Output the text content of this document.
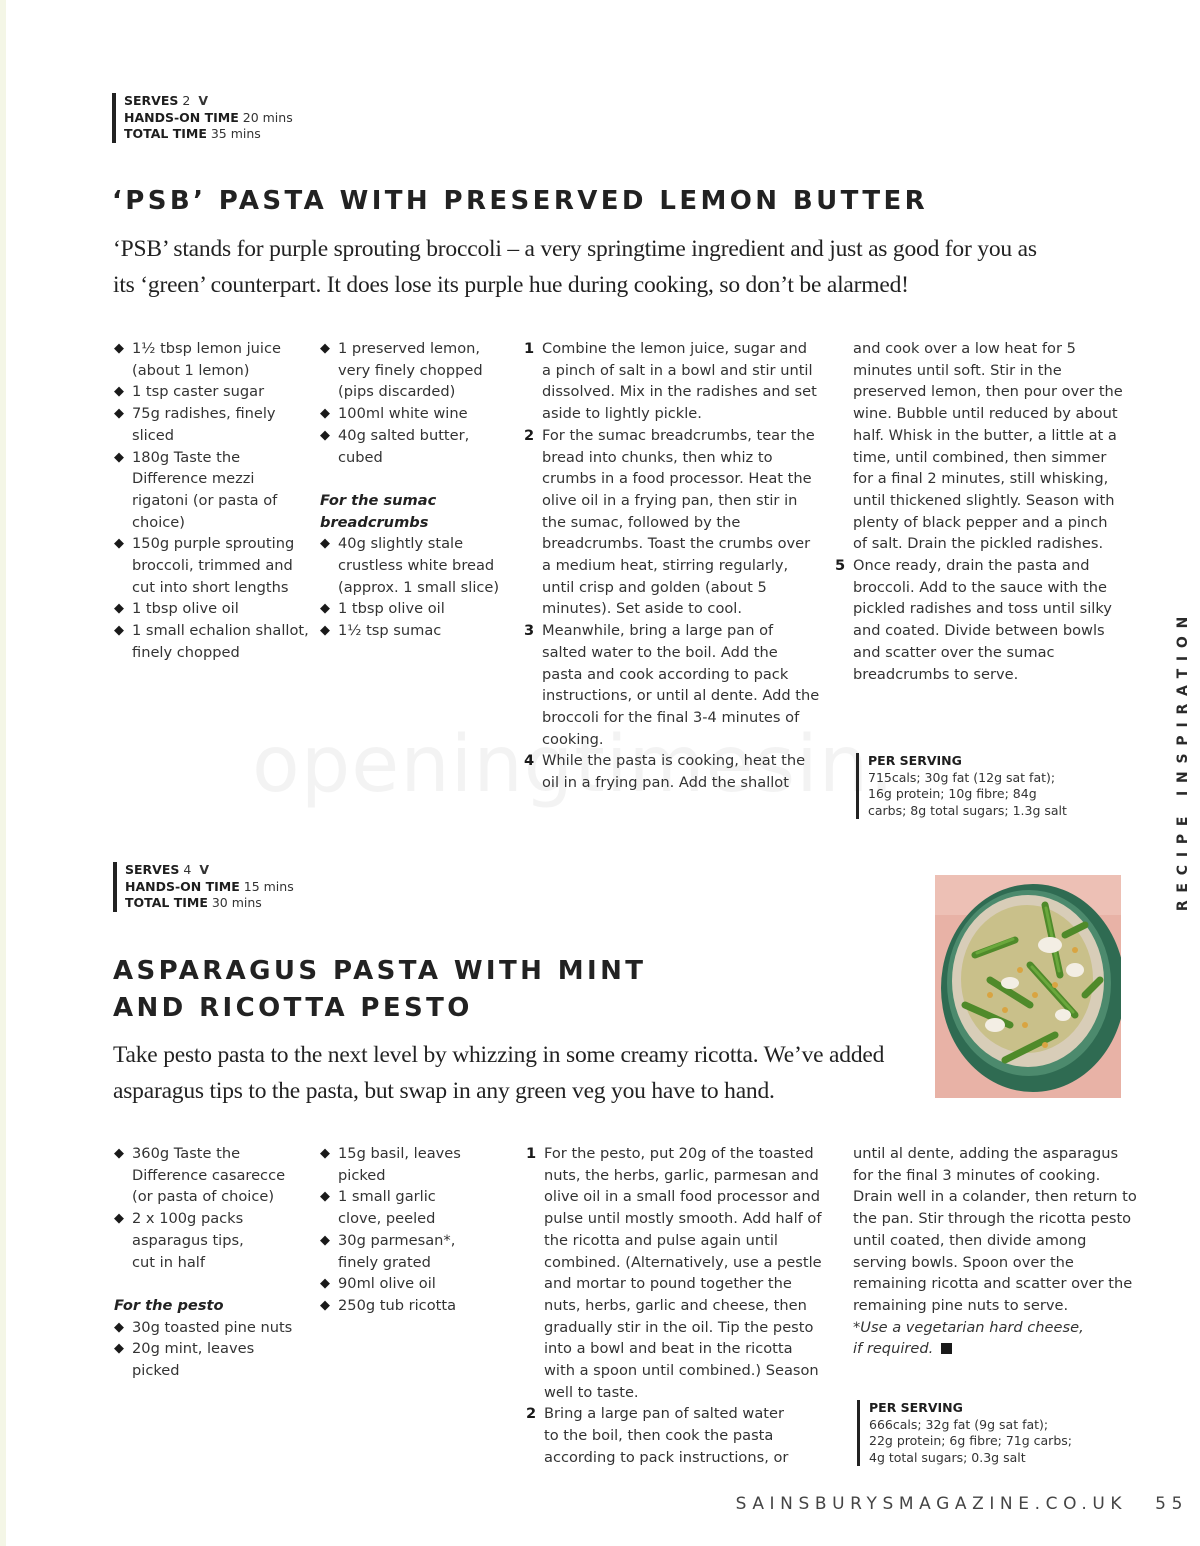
SERVES 2 V
HANDS-ON TIME 20 mins
TOTAL TIME 35 mins
‘PSB’ PASTA WITH PRESERVED LEMON BUTTER

‘PSB’ stands for purple sprouting broccoli – a very springtime ingredient and just as good for you as its ‘green’ counterpart. It does lose its purple hue during cooking, so don’t be alarmed!

◆ 1½ tbsp lemon juice (about 1 lemon)
◆ 1 tsp caster sugar
◆ 75g radishes, finely sliced
◆ 180g Taste the Difference mezzi rigatoni (or pasta of choice)
◆ 150g purple sprouting broccoli, trimmed and cut into short lengths
◆ 1 tbsp olive oil
◆ 1 small echalion shallot, finely chopped
◆ 1 preserved lemon, very finely chopped (pips discarded)
◆ 100ml white wine
◆ 40g salted butter, cubed
For the sumac breadcrumbs
◆ 40g slightly stale crustless white bread (approx. 1 small slice)
◆ 1 tbsp olive oil
◆ 1½ tsp sumac
1 Combine the lemon juice, sugar and a pinch of salt in a bowl and stir until dissolved. Mix in the radishes and set aside to lightly pickle.
2 For the sumac breadcrumbs, tear the bread into chunks, then whiz to crumbs in a food processor. Heat the olive oil in a frying pan, then stir in the sumac, followed by the breadcrumbs. Toast the crumbs over a medium heat, stirring regularly, until crisp and golden (about 5 minutes). Set aside to cool.
3 Meanwhile, bring a large pan of salted water to the boil. Add the pasta and cook according to pack instructions, or until al dente. Add the broccoli for the final 3-4 minutes of cooking.
4 While the pasta is cooking, heat the oil in a frying pan. Add the shallot

and cook over a low heat for 5 minutes until soft. Stir in the preserved lemon, then pour over the wine. Bubble until reduced by about half. Whisk in the butter, a little at a time, until combined, then simmer for a final 2 minutes, still whisking, until thickened slightly. Season with plenty of black pepper and a pinch of salt. Drain the pickled radishes.

5 Once ready, drain the pasta and broccoli. Add to the sauce with the pickled radishes and toss until silky and coated. Divide between bowls and scatter over the sumac breadcrumbs to serve.
PER SERVING
715cals; 30g fat (12g sat fat);
16g protein; 10g fibre; 84g
carbs; 8g total sugars; 1.3g salt
SERVES 4 V
HANDS-ON TIME 15 mins
TOTAL TIME 30 mins
ASPARAGUS PASTA WITH MINT
AND RICOTTA PESTO

Take pesto pasta to the next level by whizzing in some creamy ricotta. We’ve added asparagus tips to the pasta, but swap in any green veg you have to hand.

◆ 360g Taste the Difference casarecce (or pasta of choice)
◆ 2 x 100g packs asparagus tips, cut in half
For the pesto
◆ 30g toasted pine nuts
◆ 20g mint, leaves picked
◆ 15g basil, leaves picked
◆ 1 small garlic clove, peeled
◆ 30g parmesan*, finely grated
◆ 90ml olive oil
◆ 250g tub ricotta
1 For the pesto, put 20g of the toasted nuts, the herbs, garlic, parmesan and olive oil in a small food processor and pulse until mostly smooth. Add half of the ricotta and pulse again until combined. (Alternatively, use a pestle and mortar to pound together the nuts, herbs, garlic and cheese, then gradually stir in the oil. Tip the pesto into a bowl and beat in the ricotta with a spoon until combined.) Season well to taste.
2 Bring a large pan of salted water to the boil, then cook the pasta according to pack instructions, or

until al dente, adding the asparagus for the final 3 minutes of cooking. Drain well in a colander, then return to the pan. Stir through the ricotta pesto until coated, then divide among serving bowls. Spoon over the remaining ricotta and scatter over the remaining pine nuts to serve.

*Use a vegetarian hard cheese, if required.

PER SERVING
666cals; 32g fat (9g sat fat);
22g protein; 6g fibre; 71g carbs;
4g total sugars; 0.3g salt
RECIPE INSPIRATION
SAINSBURYSMAGAZINE.CO.UK 55
